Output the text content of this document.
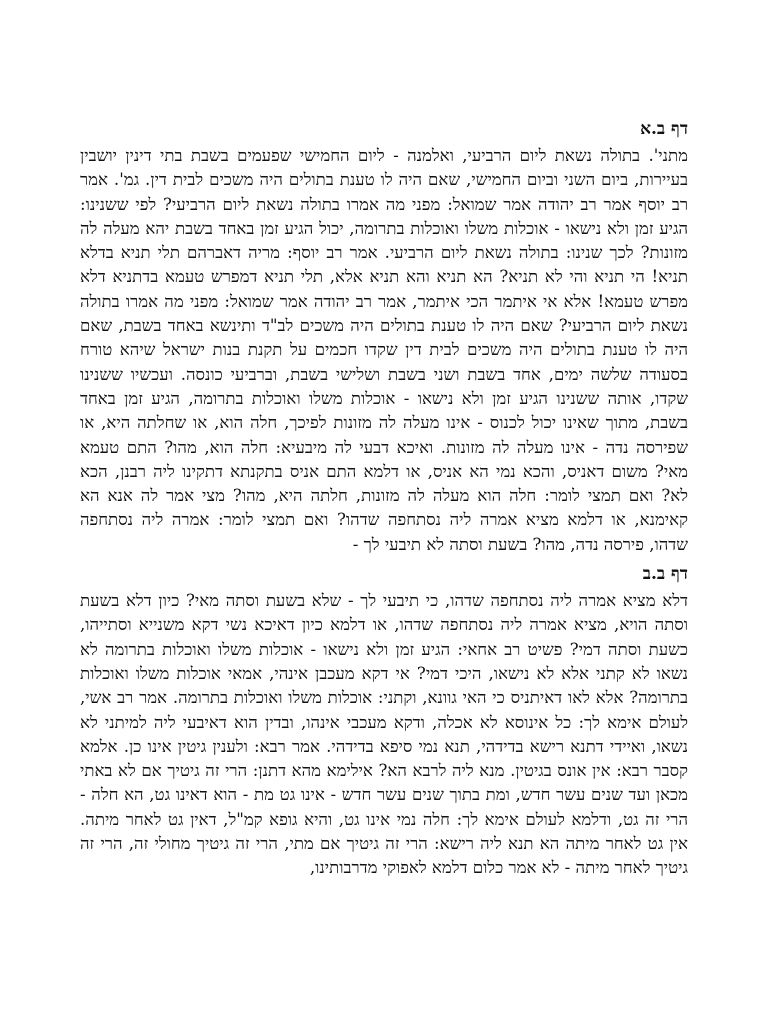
דף ב.א

מתני'. בתולה נשאת ליום הרביעי, ואלמנה - ליום החמישי שפעמים בשבת בתי דינין יושבין בעיירות, ביום השני וביום החמישי, שאם היה לו טענת בתולים היה משכים לבית דין. גמ'. אמר רב יוסף אמר רב יהודה אמר שמואל: מפני מה אמרו בתולה נשאת ליום הרביעי? לפי ששנינו: הגיע זמן ולא נישאו - אוכלות משלו ואוכלות בתרומה, יכול הגיע זמן באחד בשבת יהא מעלה לה מזונות? לכך שנינו: בתולה נשאת ליום הרביעי. אמר רב יוסף: מריה דאברהם תלי תניא בדלא תניא! הי תניא והי לא תניא? הא תניא והא תניא אלא, תלי תניא דמפרש טעמא בדתניא דלא מפרש טעמא! אלא אי איתמר הכי איתמר, אמר רב יהודה אמר שמואל: מפני מה אמרו בתולה נשאת ליום הרביעי? שאם היה לו טענת בתולים היה משכים לב"ד ותינשא באחד בשבת, שאם היה לו טענת בתולים היה משכים לבית דין שקדו חכמים על תקנת בנות ישראל שיהא טורח בסעודה שלשה ימים, אחד בשבת ושני בשבת ושלישי בשבת, וברביעי כונסה. ועכשיו ששנינו שקדו, אותה ששנינו הגיע זמן ולא נישאו - אוכלות משלו ואוכלות בתרומה, הגיע זמן באחד בשבת, מתוך שאינו יכול לכנוס - אינו מעלה לה מזונות לפיכך, חלה הוא, או שחלתה היא, או שפירסה נדה - אינו מעלה לה מזונות. ואיכא דבעי לה מיבעיא: חלה הוא, מהו? התם טעמא מאי? משום דאניס, והכא נמי הא אניס, או דלמא התם אניס בתקנתא דתקינו ליה רבנן, הכא לא? ואם תמצי לומר: חלה הוא מעלה לה מזונות, חלתה היא, מהו? מצי אמר לה אנא הא קאימנא, או דלמא מציא אמרה ליה נסתחפה שדהו? ואם תמצי לומר: אמרה ליה נסתחפה שדהו, פירסה נדה, מהו? בשעת וסתה לא תיבעי לך -

דף ב.ב

דלא מציא אמרה ליה נסתחפה שדהו, כי תיבעי לך - שלא בשעת וסתה מאי? כיון דלא בשעת וסתה הויא, מציא אמרה ליה נסתחפה שדהו, או דלמא כיון דאיכא נשי דקא משנייא וסתייהו, כשעת וסתה דמי? פשיט רב אחאי: הגיע זמן ולא נישאו - אוכלות משלו ואוכלות בתרומה לא נשאו לא קתני אלא לא נישאו, היכי דמי? אי דקא מעכבן אינהי, אמאי אוכלות משלו ואוכלות בתרומה? אלא לאו דאיתניס כי האי גוונא, וקתני: אוכלות משלו ואוכלות בתרומה. אמר רב אשי, לעולם אימא לך: כל אינוסא לא אכלה, ודקא מעכבי אינהו, ובדין הוא דאיבעי ליה למיתני לא נשאו, ואיידי דתנא רישא בדידהי, תנא נמי סיפא בדידהי. אמר רבא: ולענין גיטין אינו כן. אלמא קסבר רבא: אין אונס בגיטין. מנא ליה לרבא הא? אילימא מהא דתנן: הרי זה גיטיך אם לא באתי מכאן ועד שנים עשר חדש, ומת בתוך שנים עשר חדש - אינו גט מת - הוא דאינו גט, הא חלה - הרי זה גט, ודלמא לעולם אימא לך: חלה נמי אינו גט, והיא גופא קמ"ל, דאין גט לאחר מיתה. אין גט לאחר מיתה הא תנא ליה רישא: הרי זה גיטיך אם מתי, הרי זה גיטיך מחולי זה, הרי זה גיטיך לאחר מיתה - לא אמר כלום דלמא לאפוקי מדרבותינו,
